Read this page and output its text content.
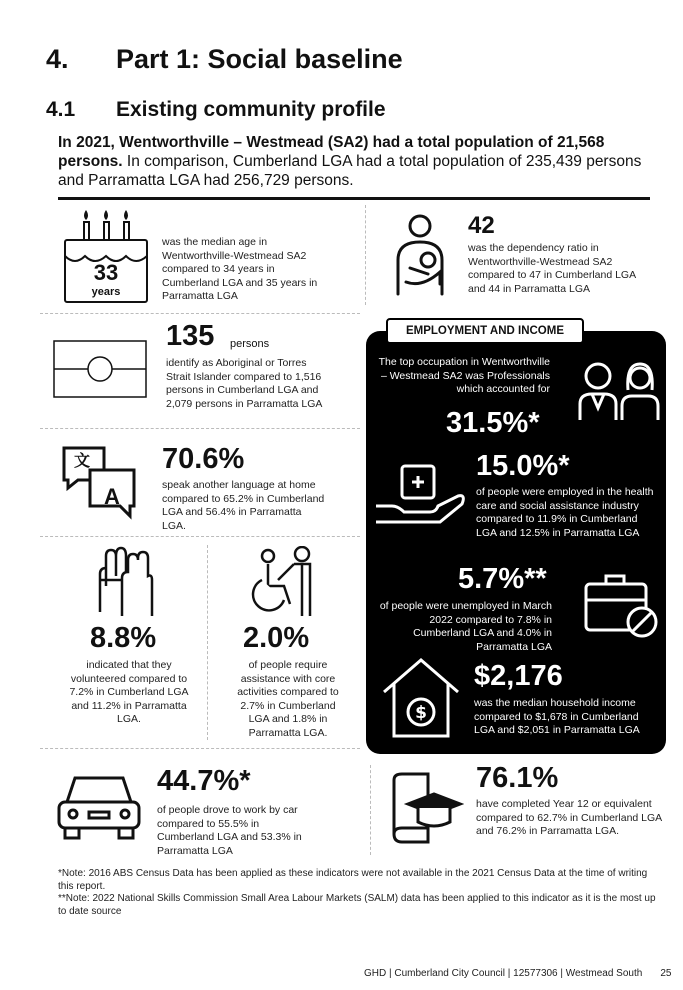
4. Part 1: Social baseline
4.1 Existing community profile
In 2021, Wentworthville – Westmead (SA2) had a total population of 21,568 persons. In comparison, Cumberland LGA had a total population of 235,439 persons and Parramatta LGA had 256,729 persons.
33
years
was the median age in Wentworthville-Westmead SA2 compared to 34 years in Cumberland LGA and 35 years in Parramatta LGA
42
was the dependency ratio in Wentworthville-Westmead SA2 compared to 47 in Cumberland LGA and 44 in Parramatta LGA
135 persons
identify as Aboriginal or Torres Strait Islander compared to 1,516 persons in Cumberland LGA and 2,079 persons in Parramatta LGA
文
A
70.6%
speak another language at home compared to 65.2% in Cumberland LGA and 56.4% in Parramatta LGA.
8.8%
indicated that they volunteered compared to 7.2% in Cumberland LGA and 11.2% in Parramatta LGA.
2.0%
of people require assistance with core activities compared to 2.7% in Cumberland LGA and 1.8% in Parramatta LGA.
44.7%*
of people drove to work by car compared to 55.5% in Cumberland LGA and 53.3% in Parramatta LGA
76.1%
have completed Year 12 or equivalent compared to 62.7% in Cumberland LGA and 76.2% in Parramatta LGA.
EMPLOYMENT AND INCOME
The top occupation in Wentworthville – Westmead SA2 was Professionals which accounted for
31.5%*
15.0%*
of people were employed in the health care and social assistance industry compared to 11.9% in Cumberland LGA and 12.5% in Parramatta LGA
5.7%**
of people were unemployed in March 2022 compared to 7.8% in Cumberland LGA and 4.0% in Parramatta LGA
$
$2,176
was the median household income compared to $1,678 in Cumberland LGA and $2,051 in Parramatta LGA
*Note: 2016 ABS Census Data has been applied as these indicators were not available in the 2021 Census Data at the time of writing this report.
**Note: 2022 National Skills Commission Small Area Labour Markets (SALM) data has been applied to this indicator as it is the most up to date source
GHD | Cumberland City Council | 12577306 | Westmead South 25
